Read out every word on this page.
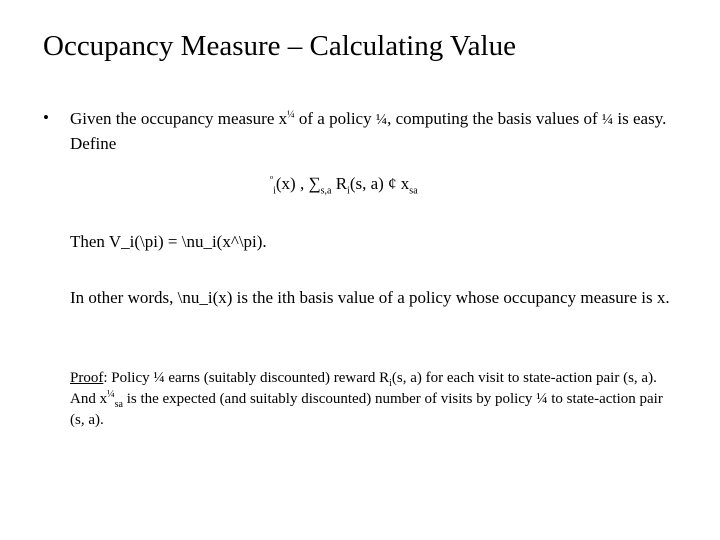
Occupancy Measure – Calculating Value
• Given the occupancy measure $x^{\frac{1}{4}}$ of a policy ¼, computing the basis values of ¼ is easy. Define
$^º_i$(x) , $\sum_{s,a}$ $R_i(s$, a) ¢ $x_{sa}$
Then V_i(\pi) = \nu_i(x^\pi).
In other words, \nu_i(x) is the ith basis value of a policy whose occupancy measure is x.
Proof: Policy ¼ earns (suitably discounted) reward $R_i(s$, a) for each visit to state-action pair (s, a). And $x^{\frac{1}{4}}_{sa}$ is the expected (and suitably discounted) number of visits by policy ¼ to state-action pair (s, a).
